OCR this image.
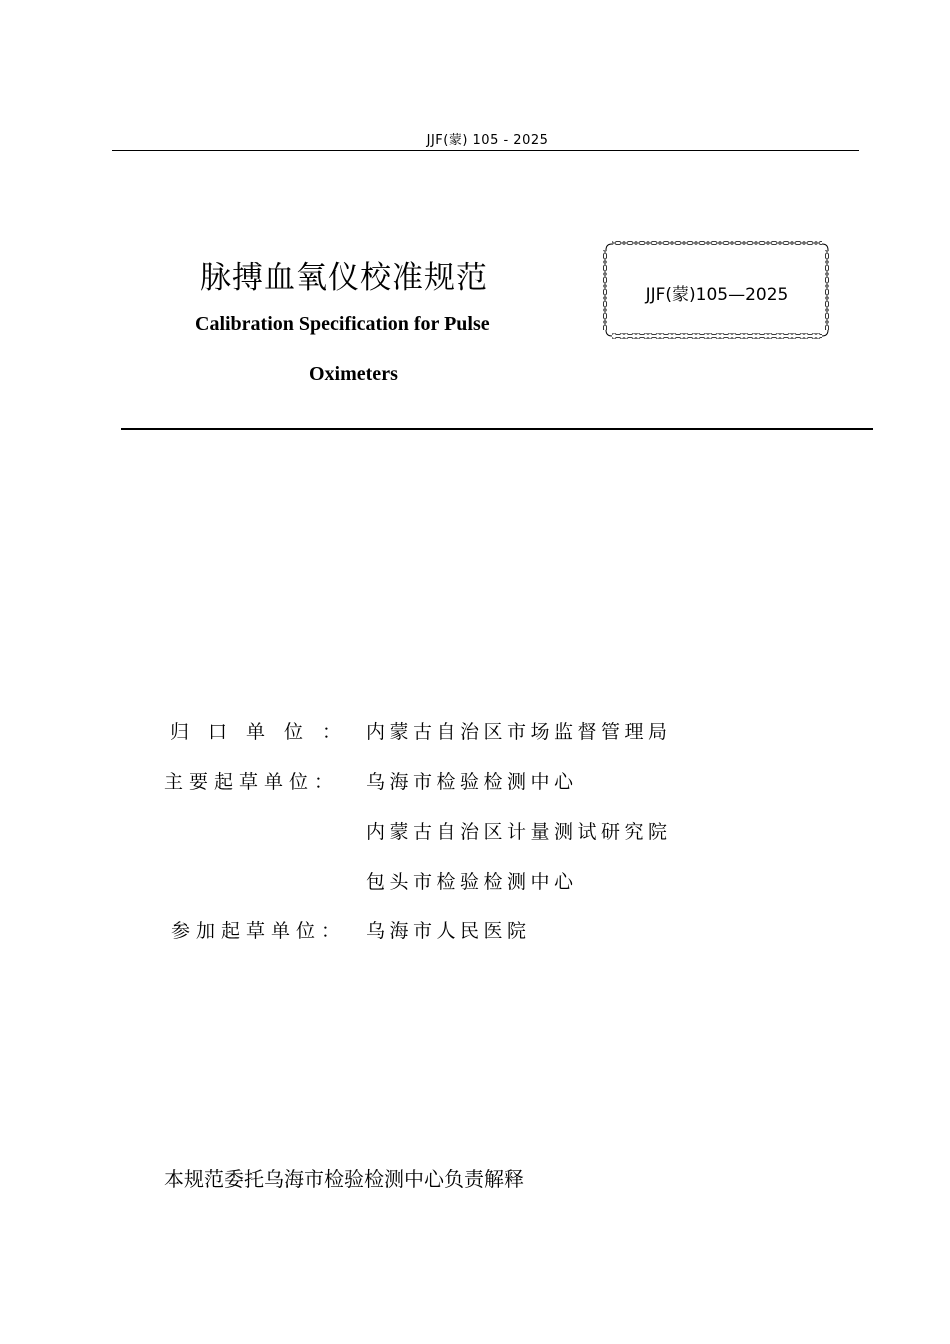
JJF(蒙) 105 - 2025
脉搏血氧仪校准规范
Calibration Specification for Pulse
Oximeters
JJF(蒙)105—2025
归口单位： 内蒙古自治区市场监督管理局
主要起草单位： 乌海市检验检测中心
内蒙古自治区计量测试研究院
包头市检验检测中心
参加起草单位： 乌海市人民医院
本规范委托乌海市检验检测中心负责解释
